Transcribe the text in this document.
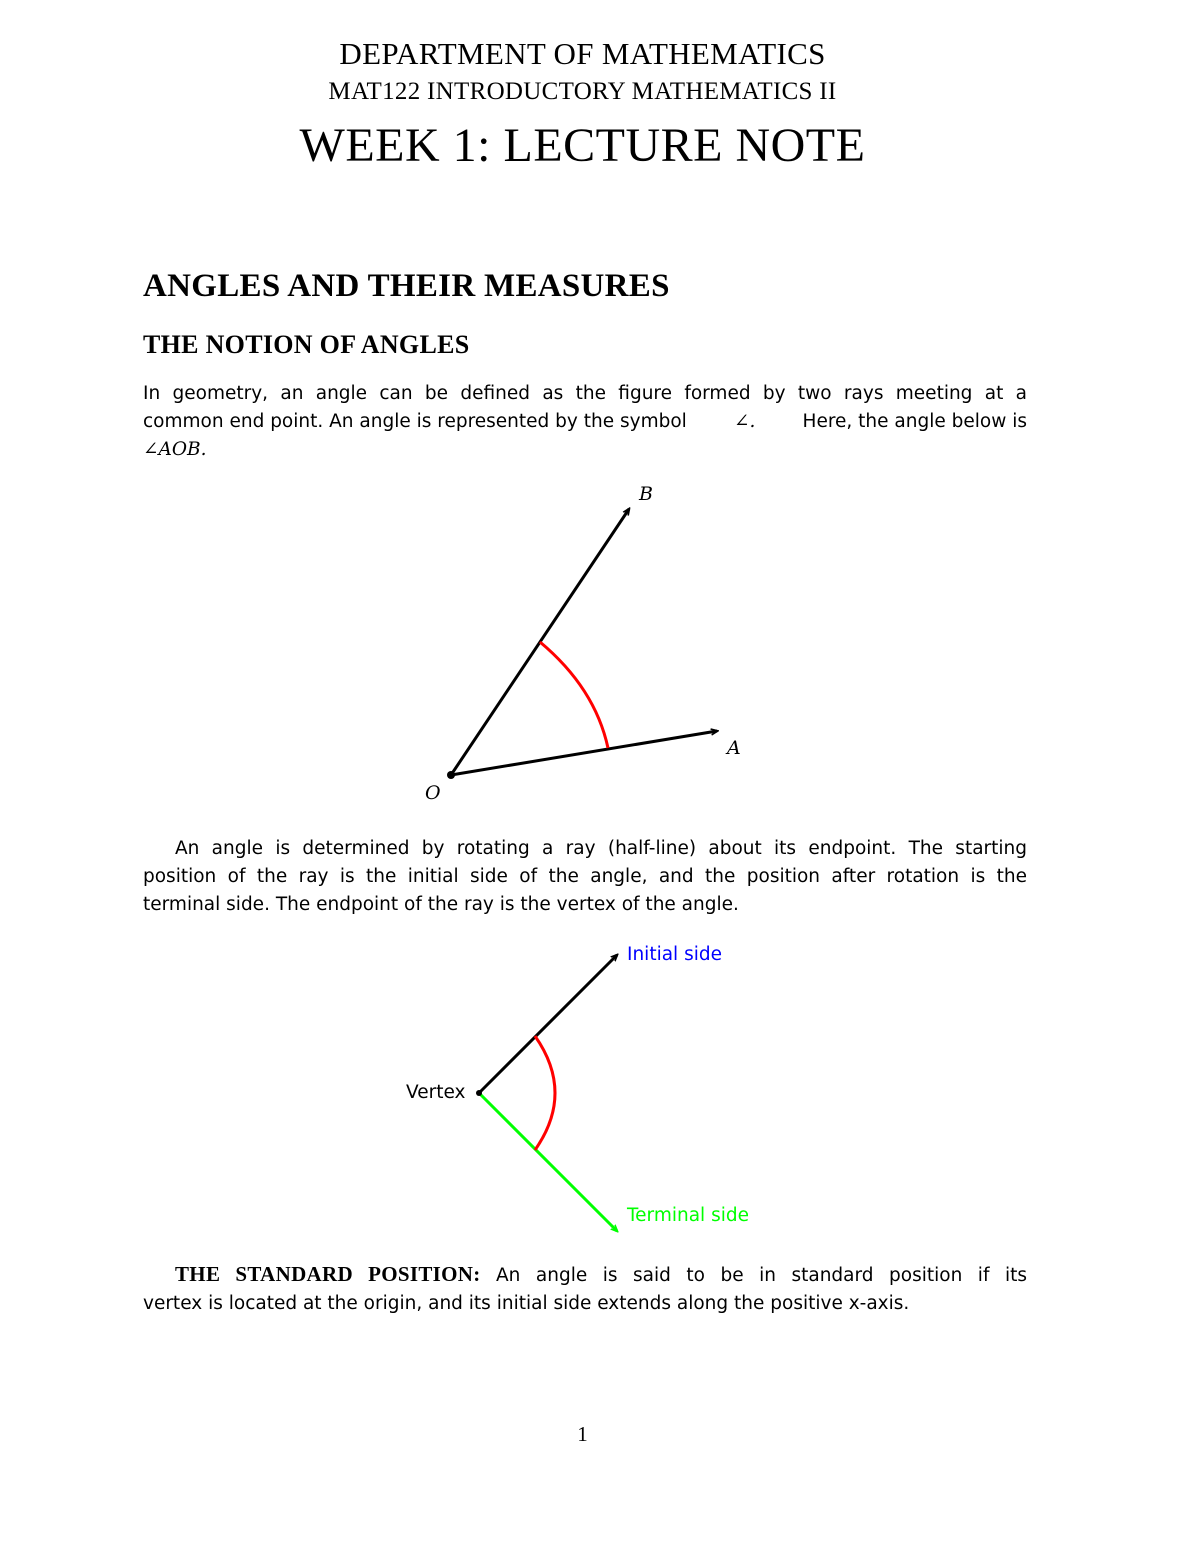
DEPARTMENT OF MATHEMATICS
MAT122 INTRODUCTORY MATHEMATICS II
WEEK 1: LECTURE NOTE
ANGLES AND THEIR MEASURES
THE NOTION OF ANGLES
In geometry, an angle can be defined as the figure formed by two rays meeting at a
common end point. An angle is represented by the symbol	∠.	Here, the angle below is
∠AOB.
B
A
O
An angle is determined by rotating a ray (half-line) about its endpoint. The starting
position of the ray is the initial side of the angle, and the position after rotation is the
terminal side. The endpoint of the ray is the vertex of the angle.
Initial side
Terminal side
Vertex
THE STANDARD POSITION: An angle is said to be in standard position if its
vertex is located at the origin, and its initial side extends along the positive x-axis.
1
